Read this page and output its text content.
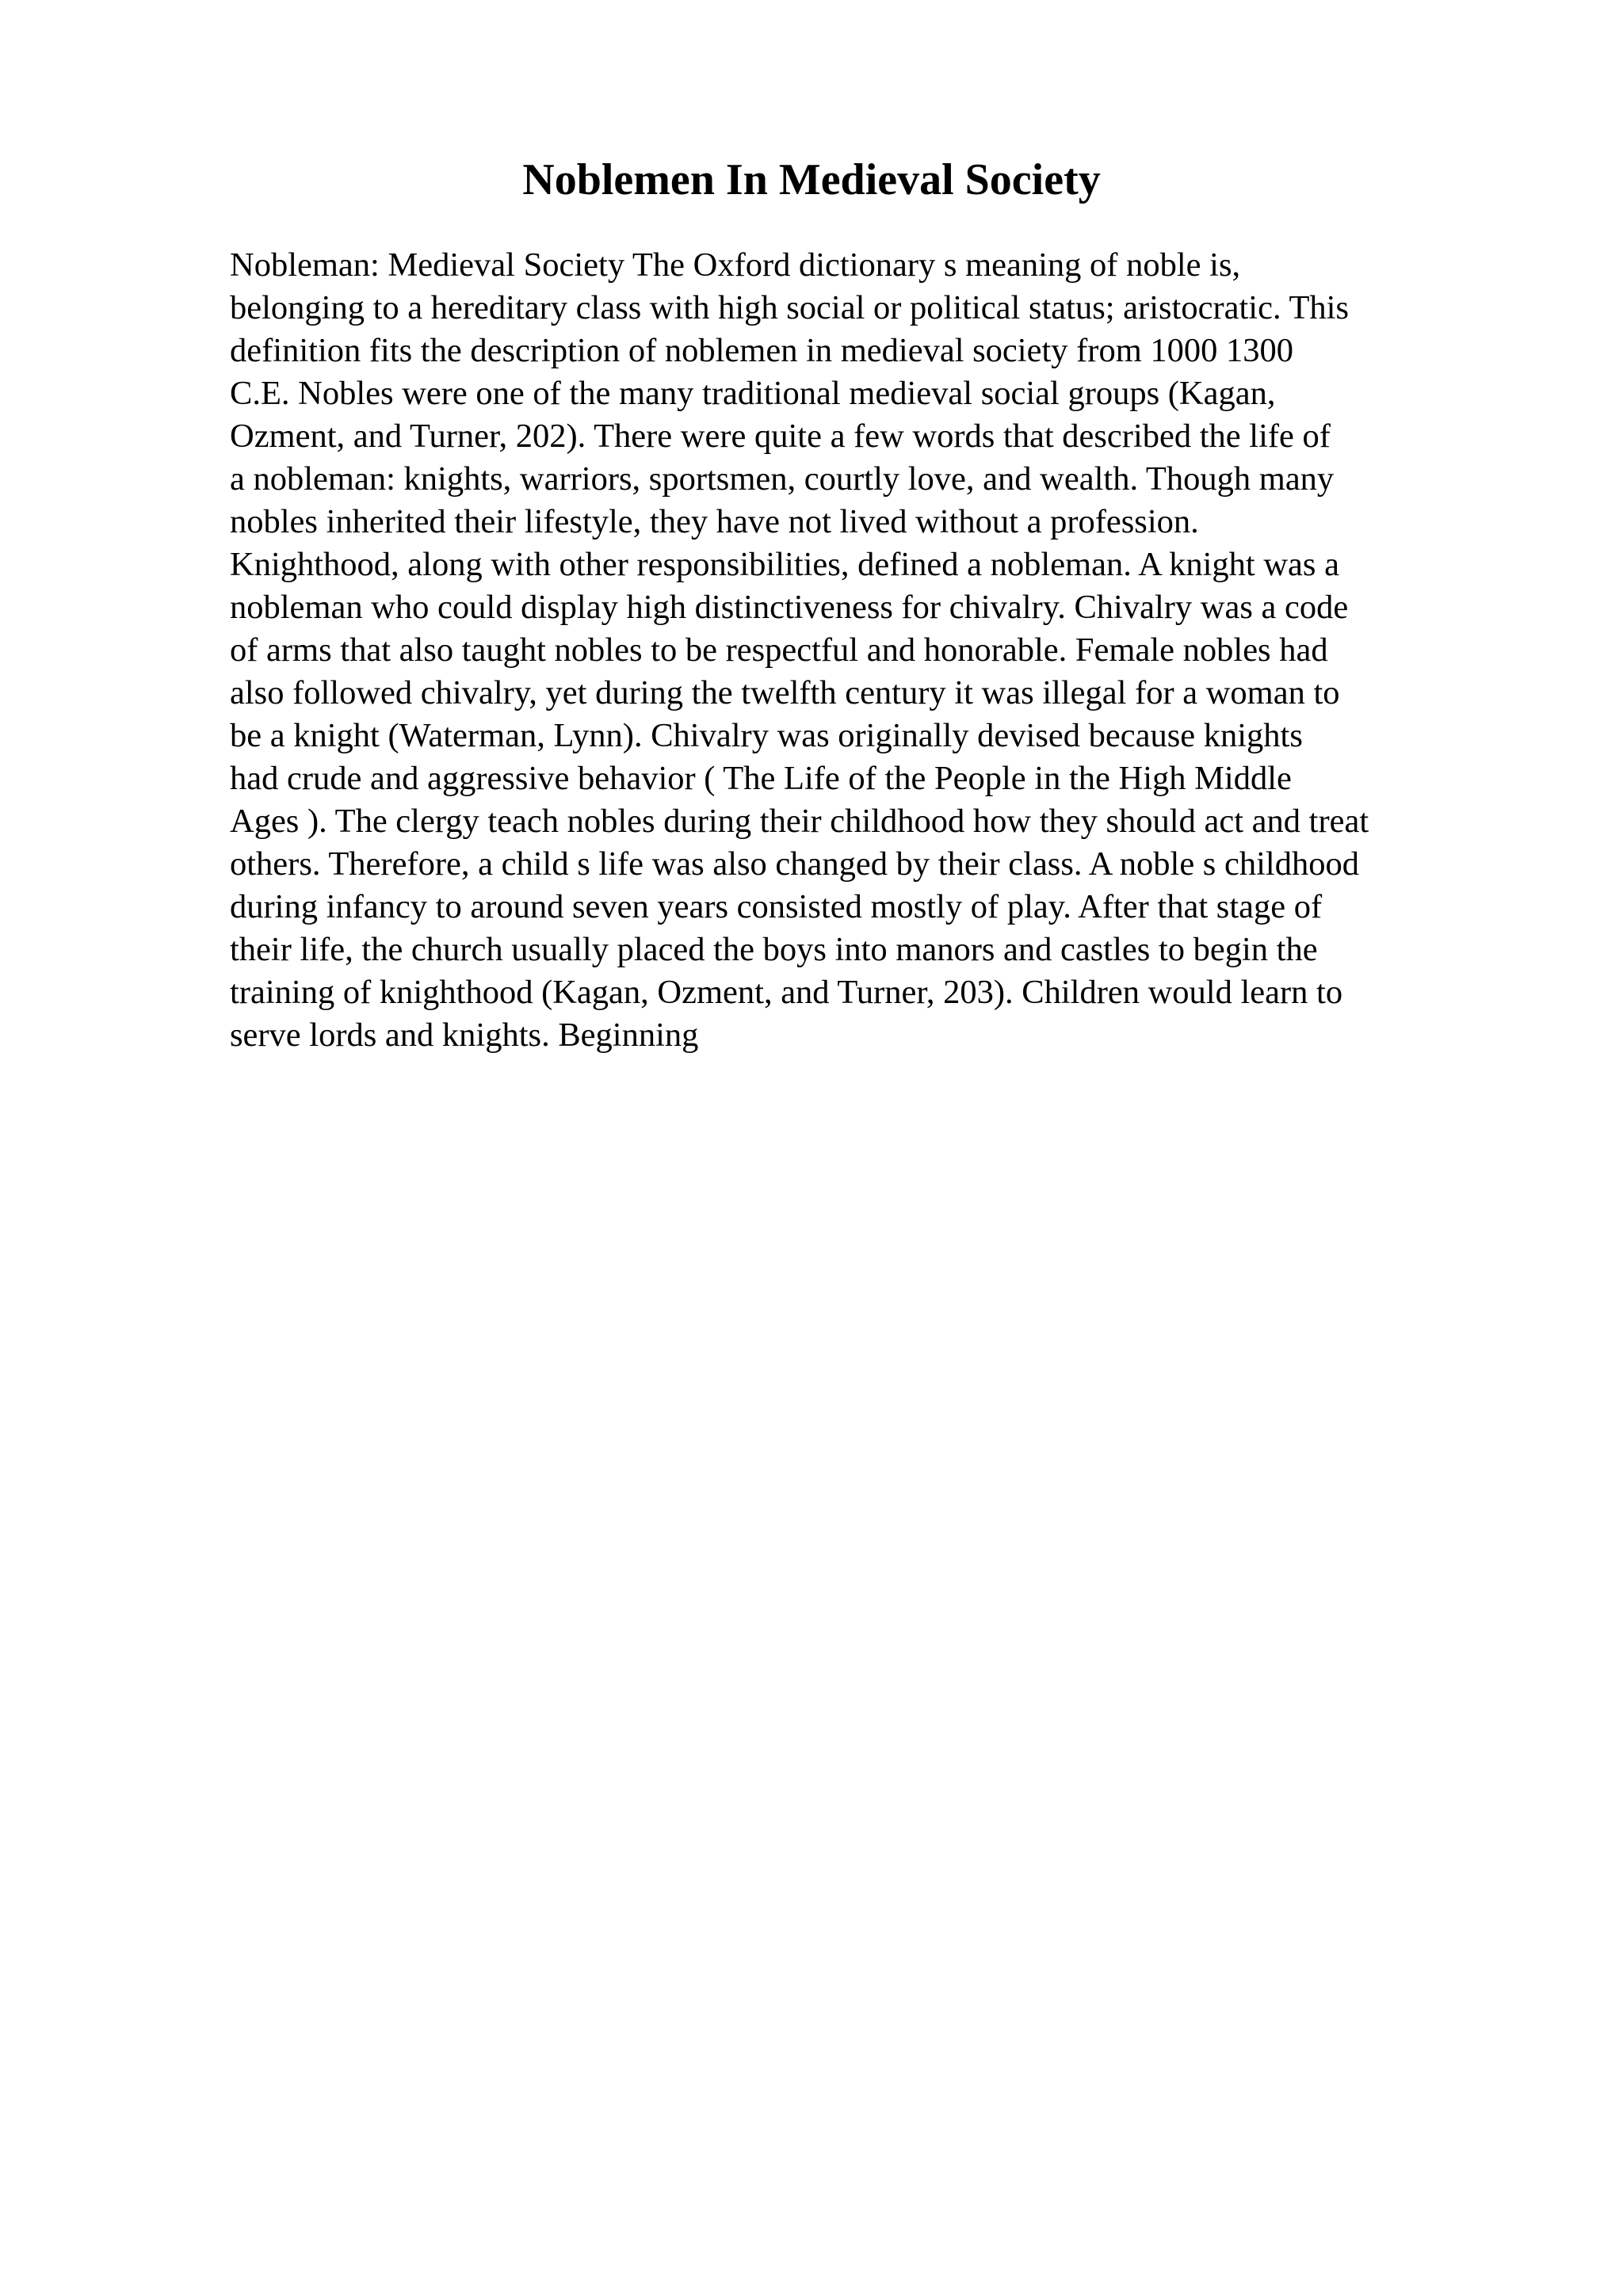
Noblemen In Medieval Society
Nobleman: Medieval Society The Oxford dictionary s meaning of noble is,
belonging to a hereditary class with high social or political status; aristocratic. This
definition fits the description of noblemen in medieval society from 1000 1300
C.E. Nobles were one of the many traditional medieval social groups (Kagan,
Ozment, and Turner, 202). There were quite a few words that described the life of
a nobleman: knights, warriors, sportsmen, courtly love, and wealth. Though many
nobles inherited their lifestyle, they have not lived without a profession.
Knighthood, along with other responsibilities, defined a nobleman. A knight was a
nobleman who could display high distinctiveness for chivalry. Chivalry was a code
of arms that also taught nobles to be respectful and honorable. Female nobles had
also followed chivalry, yet during the twelfth century it was illegal for a woman to
be a knight (Waterman, Lynn). Chivalry was originally devised because knights
had crude and aggressive behavior ( The Life of the People in the High Middle
Ages ). The clergy teach nobles during their childhood how they should act and treat
others. Therefore, a child s life was also changed by their class. A noble s childhood
during infancy to around seven years consisted mostly of play. After that stage of
their life, the church usually placed the boys into manors and castles to begin the
training of knighthood (Kagan, Ozment, and Turner, 203). Children would learn to
serve lords and knights. Beginning
